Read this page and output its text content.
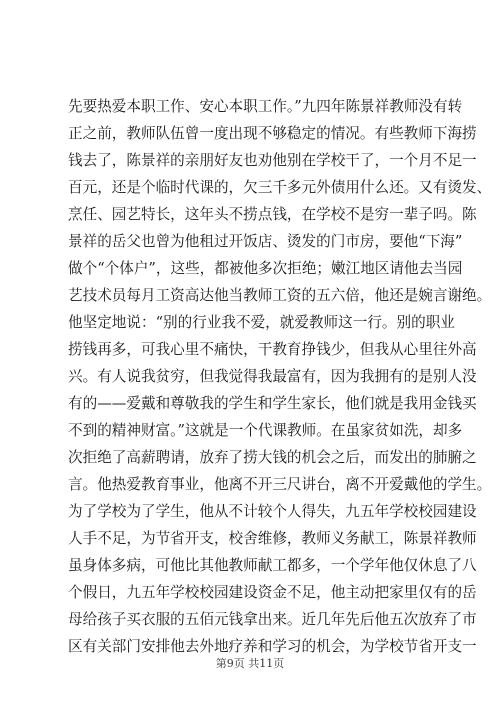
先要热爱本职工作、安心本职工作。”九四年陈景祥教师没有转
正之前，教师队伍曾一度出现不够稳定的情况。有些教师下海捞
钱去了，陈景祥的亲朋好友也劝他别在学校干了，一个月不足一
百元，还是个临时代课的，欠三千多元外债用什么还。又有烫发、
烹任、园艺特长，这年头不捞点钱，在学校不是穷一辈子吗。陈
景祥的岳父也曾为他租过开饭店、烫发的门市房，要他“下海”
做个“个体户”，这些，都被他多次拒绝；嫩江地区请他去当园
艺技术员每月工资高达他当教师工资的五六倍，他还是婉言谢绝。
他坚定地说：“别的行业我不爱，就爱教师这一行。别的职业
捞钱再多，可我心里不痛快，干教育挣钱少，但我从心里往外高
兴。有人说我贫穷，但我觉得我最富有，因为我拥有的是别人没
有的——爱戴和尊敬我的学生和学生家长，他们就是我用金钱买
不到的精神财富。”这就是一个代课教师。在虽家贫如洗，却多
次拒绝了高薪聘请，放弃了捞大钱的机会之后，而发出的肺腑之
言。他热爱教育事业，他离不开三尺讲台，离不开爱戴他的学生。
为了学校为了学生，他从不计较个人得失，九五年学校校园建设
人手不足，为节省开支，校舍维修，教师义务献工，陈景祥教师
虽身体多病，可他比其他教师献工都多，一个学年他仅休息了八
个假日，九五年学校校园建设资金不足，他主动把家里仅有的岳
母给孩子买衣服的五佰元钱拿出来。近几年先后他五次放弃了市
区有关部门安排他去外地疗养和学习的机会，为学校节省开支一
第9页 共11页
